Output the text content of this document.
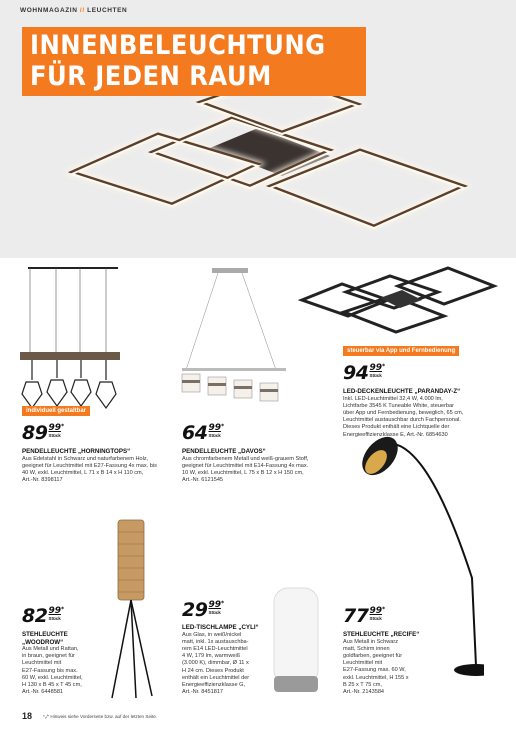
WOHNMAGAZIN // LEUCHTEN
INNENBELEUCHTUNG
FÜR JEDEN RAUM
individuell gestaltbar
89 99
Stück
*
PENDELLEUCHTE „HORNINGTOPS“
Aus Edelstahl in Schwarz und naturfarbenem Holz,
geeignet für Leuchtmittel mit E27-Fassung 4x max. bis
40 W, exkl. Leuchtmittel, L 71 x B 14 x H 110 cm,
Art.-Nr. 8398117
64 99
Stück
*
PENDELLEUCHTE „DAVOS“
Aus chromfarbenem Metall und weiß-grauem Stoff,
geeignet für Leuchtmittel mit E14-Fassung 4x max.
10 W, exkl. Leuchtmittel, L 75 x B 12 x H 150 cm,
Art.-Nr. 6121545
steuerbar via App und Fernbedienung
94 99
Stück
*
LED-DECKENLEUCHTE „PARANDAY-Z“
Inkl. LED-Leuchtmittel 32,4 W, 4.000 lm,
Lichtfarbe 3545 K Tuneable White, steuerbar
über App und Fernbedienung, beweglich, 65 cm,
Leuchtmittel austauschbar durch Fachpersonal.
Dieses Produkt enthält eine Lichtquelle der
Energieeffizienzklasse E, Art.-Nr. 6854630
82 99
Stück
*
STEHLEUCHTE
„WOODROW“
Aus Metall und Rattan,
in braun, geeignet für
Leuchtmittel mit
E27-Fassung bis max.
60 W, exkl. Leuchtmittel,
H 130 x B 45 x T 45 cm,
Art.-Nr. 6448581
29 99
Stück
*
LED-TISCHLAMPE „CYLI“
Aus Glas, in weiß/nickel
matt, inkl. 1x austauschba-
rem E14 LED-Leuchtmittel
4 W, 179 lm, warmweiß
(3.000 K), dimmbar, Ø 11 x
H 24 cm. Dieses Produkt
enthält ein Leuchtmittel der
Energieeffizienzklasse G,
Art.-Nr. 8451817
77 99
Stück
*
STEHLEUCHTE „RECIFE“
Aus Metall in Schwarz
matt, Schirm innen
goldfarben, geeignet für
Leuchtmittel mit
E27-Fassung max. 60 W,
exkl. Leuchtmittel, H 155 x
B 25 x T 75 cm,
Art.-Nr. 2143584
18 *„/“ Hinweis siehe Vorderseite bzw. auf der letzten Seite.
